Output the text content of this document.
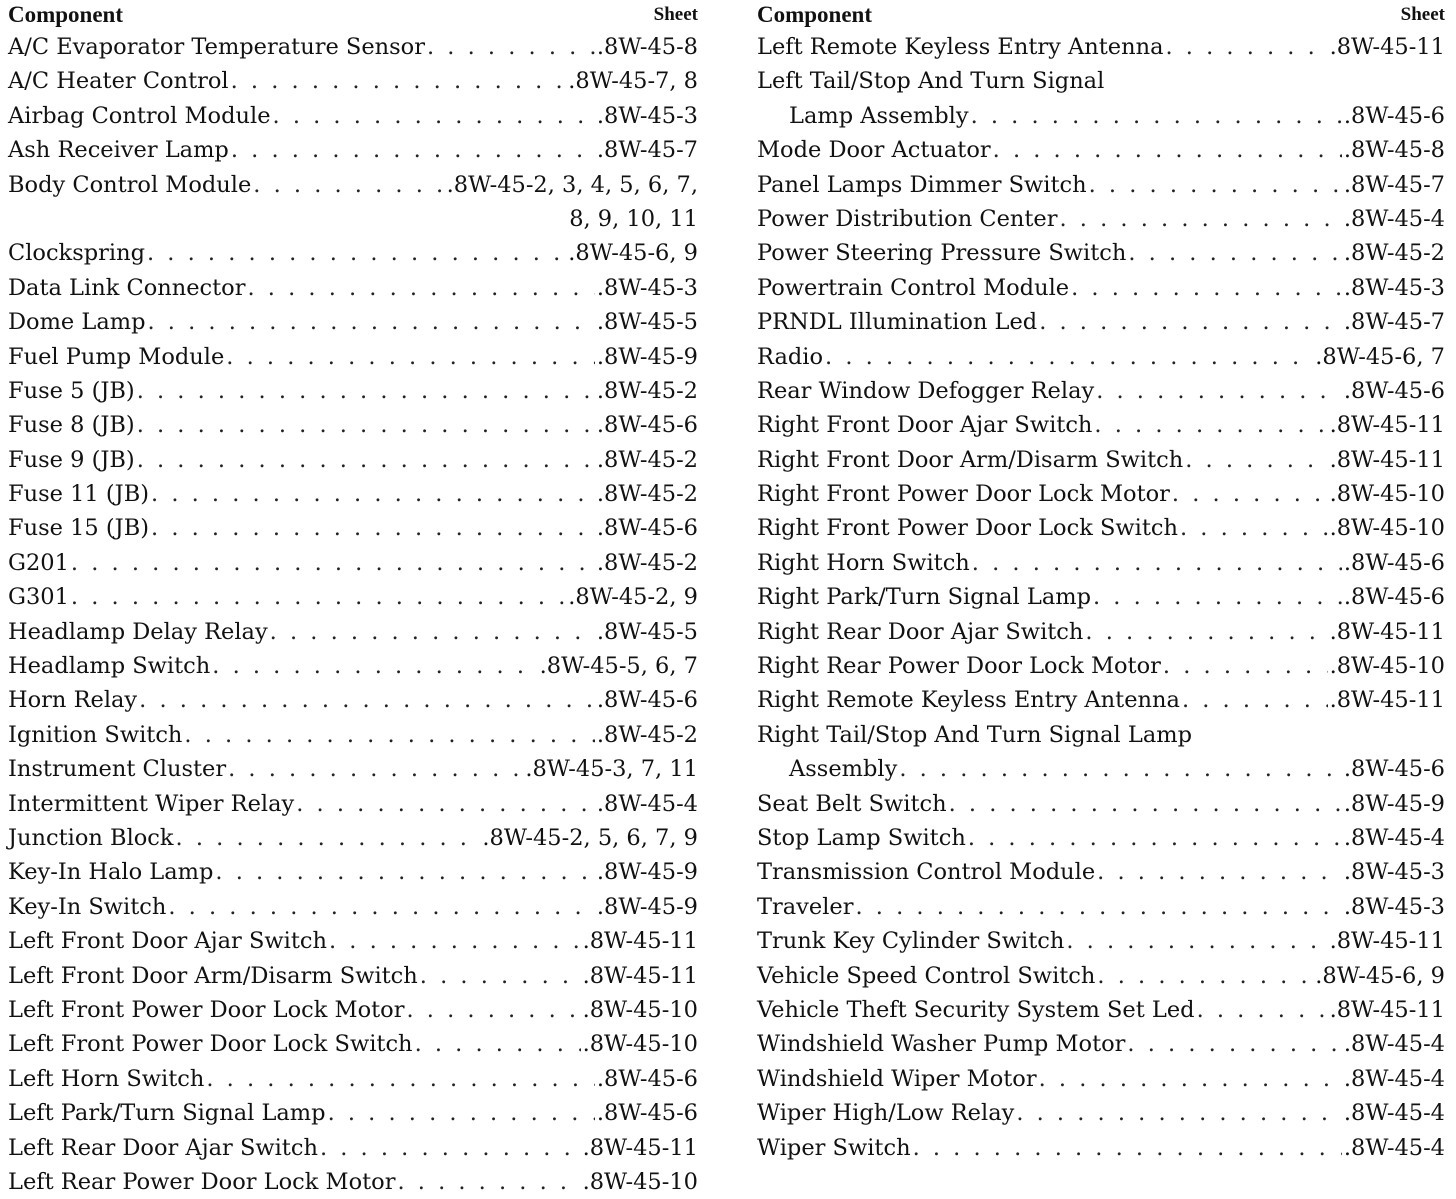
Component	Sheet
A/C Evaporator Temperature Sensor . . .	.8W-45-8
A/C Heater Control . . .	.8W-45-7, 8
Airbag Control Module . . .	.8W-45-3
Ash Receiver Lamp . . .	.8W-45-7
Body Control Module . . .	.8W-45-2, 3, 4, 5, 6, 7,
8, 9, 10, 11
Clockspring . . .	.8W-45-6, 9
Data Link Connector . . .	.8W-45-3
Dome Lamp . . .	.8W-45-5
Fuel Pump Module . . .	.8W-45-9
Fuse 5 (JB) . . .	.8W-45-2
Fuse 8 (JB) . . .	.8W-45-6
Fuse 9 (JB) . . .	.8W-45-2
Fuse 11 (JB) . . .	.8W-45-2
Fuse 15 (JB) . . .	.8W-45-6
G201 . . .	.8W-45-2
G301 . . .	.8W-45-2, 9
Headlamp Delay Relay . . .	.8W-45-5
Headlamp Switch . . .	.8W-45-5, 6, 7
Horn Relay . . .	.8W-45-6
Ignition Switch . . .	.8W-45-2
Instrument Cluster . . .	.8W-45-3, 7, 11
Intermittent Wiper Relay . . .	.8W-45-4
Junction Block . . .	.8W-45-2, 5, 6, 7, 9
Key-In Halo Lamp . . .	.8W-45-9
Key-In Switch . . .	.8W-45-9
Left Front Door Ajar Switch . . .	.8W-45-11
Left Front Door Arm/Disarm Switch . . .	.8W-45-11
Left Front Power Door Lock Motor . . .	.8W-45-10
Left Front Power Door Lock Switch . . .	.8W-45-10
Left Horn Switch . . .	.8W-45-6
Left Park/Turn Signal Lamp . . .	.8W-45-6
Left Rear Door Ajar Switch . . .	.8W-45-11
Left Rear Power Door Lock Motor . . .	.8W-45-10
Component	Sheet
Left Remote Keyless Entry Antenna . . .	.8W-45-11
Left Tail/Stop And Turn Signal
Lamp Assembly . . .	.8W-45-6
Mode Door Actuator . . .	.8W-45-8
Panel Lamps Dimmer Switch . . .	.8W-45-7
Power Distribution Center . . .	.8W-45-4
Power Steering Pressure Switch . . .	.8W-45-2
Powertrain Control Module . . .	.8W-45-3
PRNDL Illumination Led . . .	.8W-45-7
Radio . . .	.8W-45-6, 7
Rear Window Defogger Relay . . .	.8W-45-6
Right Front Door Ajar Switch . . .	.8W-45-11
Right Front Door Arm/Disarm Switch . . .	.8W-45-11
Right Front Power Door Lock Motor . . .	.8W-45-10
Right Front Power Door Lock Switch . . .	.8W-45-10
Right Horn Switch . . .	.8W-45-6
Right Park/Turn Signal Lamp . . .	.8W-45-6
Right Rear Door Ajar Switch . . .	.8W-45-11
Right Rear Power Door Lock Motor . . .	.8W-45-10
Right Remote Keyless Entry Antenna . . .	.8W-45-11
Right Tail/Stop And Turn Signal Lamp
Assembly . . .	.8W-45-6
Seat Belt Switch . . .	.8W-45-9
Stop Lamp Switch . . .	.8W-45-4
Transmission Control Module . . .	.8W-45-3
Traveler . . .	.8W-45-3
Trunk Key Cylinder Switch . . .	.8W-45-11
Vehicle Speed Control Switch . . .	.8W-45-6, 9
Vehicle Theft Security System Set Led . . .	.8W-45-11
Windshield Washer Pump Motor . . .	.8W-45-4
Windshield Wiper Motor . . .	.8W-45-4
Wiper High/Low Relay . . .	.8W-45-4
Wiper Switch . . .	.8W-45-4
